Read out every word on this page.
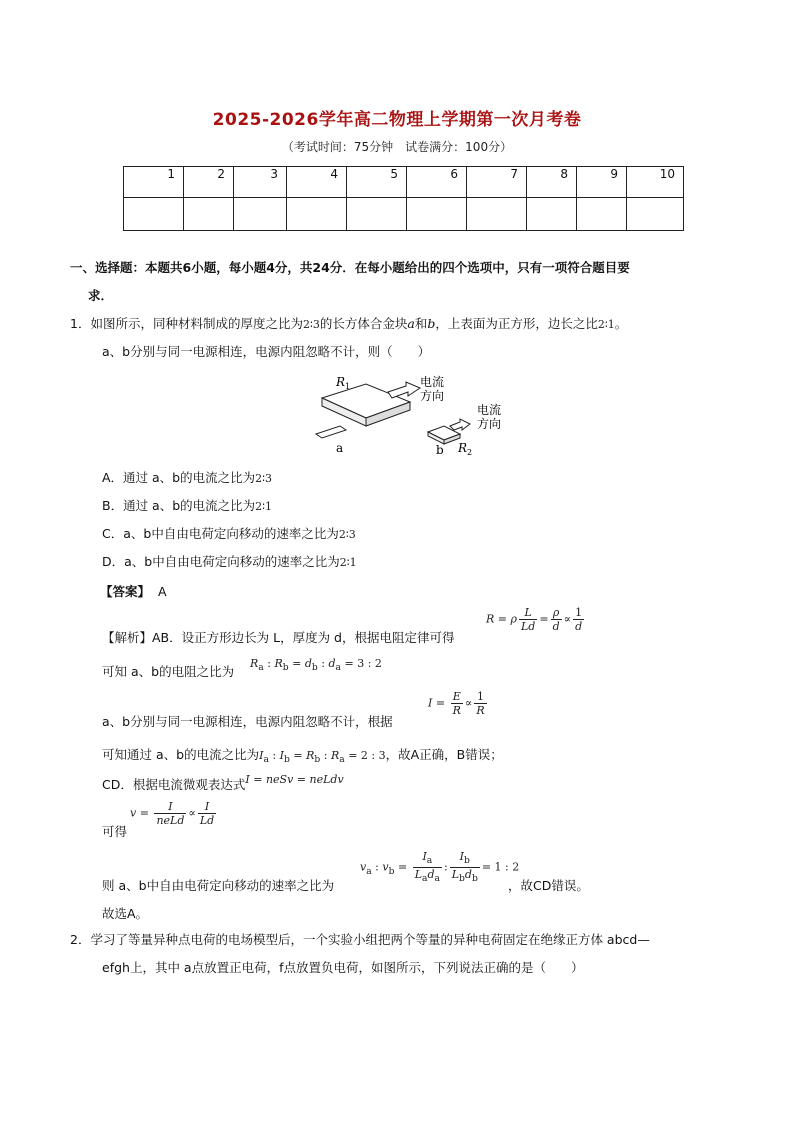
2025-2026学年高二物理上学期第一次月考卷
（考试时间：75分钟　试卷满分：100分）
1	2	3	4	5	6	7	8	9	10

一、选择题：本题共6小题，每小题4分，共24分．在每小题给出的四个选项中，只有一项符合题目要
求．
1．如图所示，同种材料制成的厚度之比为2∶3的长方体合金块a和b，上表面为正方形，边长之比2∶1。
a、b分别与同一电源相连，电源内阻忽略不计，则（　　）
R 1
a
电流
方向
电流
方向
b R 2
A．通过 a、b的电流之比为2∶3
B．通过 a、b的电流之比为2∶1
C．a、b中自由电荷定向移动的速率之比为2∶3
D．a、b中自由电荷定向移动的速率之比为2∶1
【答案】 A
【解析】AB．设正方形边长为 L，厚度为 d，根据电阻定律可得
R = ρ $\frac{L}{Ld} = \frac{\rho}{d} \propto \frac{1}{d}$
可知 a、b的电阻之比为
$R_a$ : $R_b = d_b$ : $d_a = 3$ : 2
a、b分别与同一电源相连，电源内阻忽略不计，根据
$I = \frac{E}{R} \propto \frac{1}{R}$
可知通过 a、b的电流之比为$I_a$ : $I_b = R_b$ : $R_a = 2$ : 3，故A正确，B错误；
CD．根据电流微观表达式I = neSv = neLdv
可得
$v = \frac{I}{\text{neLd}} \propto \frac{I}{Ld}$
则 a、b中自由电荷定向移动的速率之比为
$v_a$ : $v_b = \frac{I_a}{L_ad_a}$ : $\frac{I_b}{L_bd_b} = 1$ : 2
，故CD错误。
故选A。
2．学习了等量异种点电荷的电场模型后，一个实验小组把两个等量的异种电荷固定在绝缘正方体 abcd—
efgh上，其中 a点放置正电荷，f点放置负电荷，如图所示，下列说法正确的是（　　）
